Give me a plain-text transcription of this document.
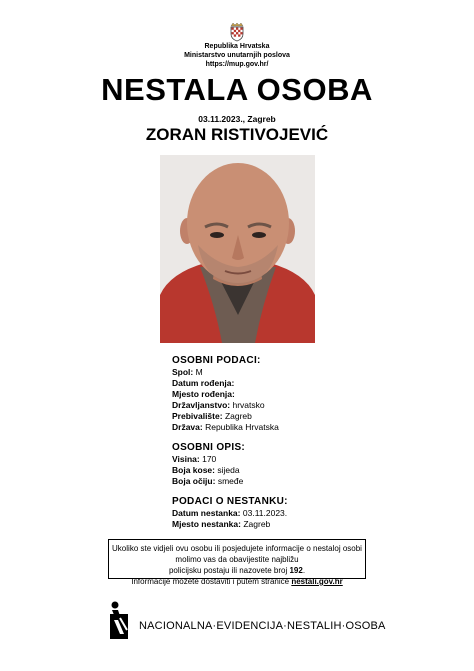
Republika Hrvatska
Ministarstvo unutarnjih poslova
https://mup.gov.hr/
NESTALA OSOBA
03.11.2023., Zagreb
ZORAN RISTIVOJEVIĆ
OSOBNI PODACI:
Spol: M
Datum rođenja:
Mjesto rođenja:
Državljanstvo: hrvatsko
Prebivalište: Zagreb
Država: Republika Hrvatska
OSOBNI OPIS:
Visina: 170
Boja kose: sijeda
Boja očiju: smeđe
PODACI O NESTANKU:
Datum nestanka: 03.11.2023.
Mjesto nestanka: Zagreb
Ukoliko ste vidjeli ovu osobu ili posjedujete informacije o nestaloj osobi molimo vas da obavijestite najbližu
policijsku postaju ili nazovete broj 192.
Informacije možete dostaviti i putem stranice nestali.gov.hr
NACIONALNA·EVIDENCIJA·NESTALIH·OSOBA
